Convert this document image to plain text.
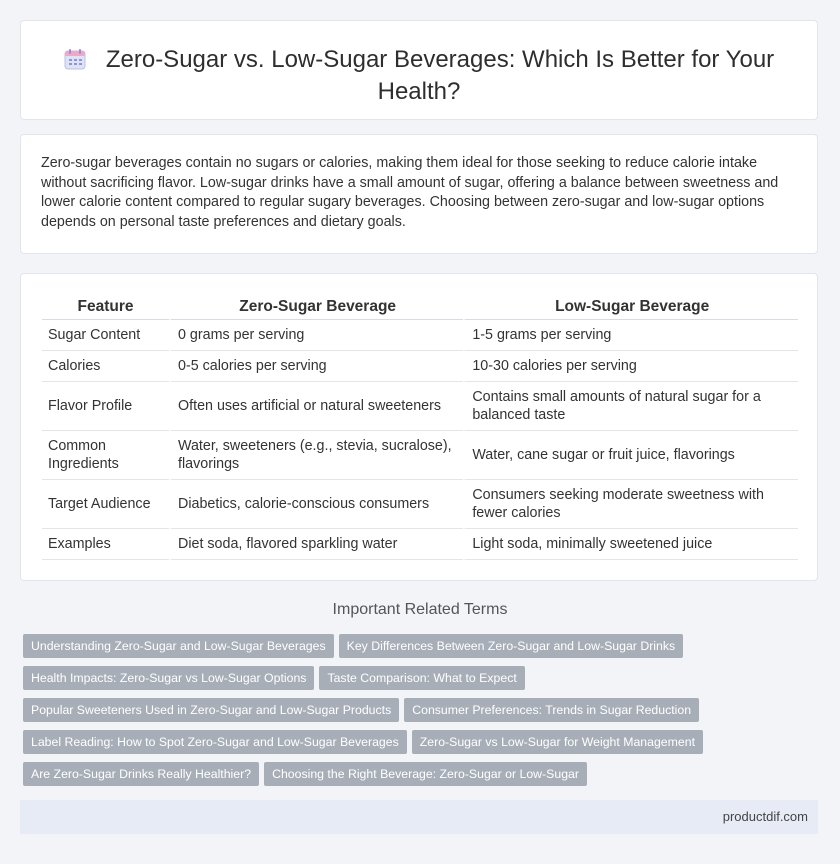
Zero-Sugar vs. Low-Sugar Beverages: Which Is Better for Your Health?

Zero-sugar beverages contain no sugars or calories, making them ideal for those seeking to reduce calorie intake without sacrificing flavor. Low-sugar drinks have a small amount of sugar, offering a balance between sweetness and lower calorie content compared to regular sugary beverages. Choosing between zero-sugar and low-sugar options depends on personal taste preferences and dietary goals.

Feature	Zero-Sugar Beverage	Low-Sugar Beverage
Sugar Content	0 grams per serving	1-5 grams per serving
Calories	0-5 calories per serving	10-30 calories per serving
Flavor Profile	Often uses artificial or natural sweeteners	Contains small amounts of natural sugar for a balanced taste
Common Ingredients	Water, sweeteners (e.g., stevia, sucralose), flavorings	Water, cane sugar or fruit juice, flavorings
Target Audience	Diabetics, calorie-conscious consumers	Consumers seeking moderate sweetness with fewer calories
Examples	Diet soda, flavored sparkling water	Light soda, minimally sweetened juice
Important Related Terms
Understanding Zero-Sugar and Low-Sugar Beverages Key Differences Between Zero-Sugar and Low-Sugar Drinks
Health Impacts: Zero-Sugar vs Low-Sugar Options Taste Comparison: What to Expect
Popular Sweeteners Used in Zero-Sugar and Low-Sugar Products Consumer Preferences: Trends in Sugar Reduction
Label Reading: How to Spot Zero-Sugar and Low-Sugar Beverages Zero-Sugar vs Low-Sugar for Weight Management
Are Zero-Sugar Drinks Really Healthier? Choosing the Right Beverage: Zero-Sugar or Low-Sugar
productdif.com
